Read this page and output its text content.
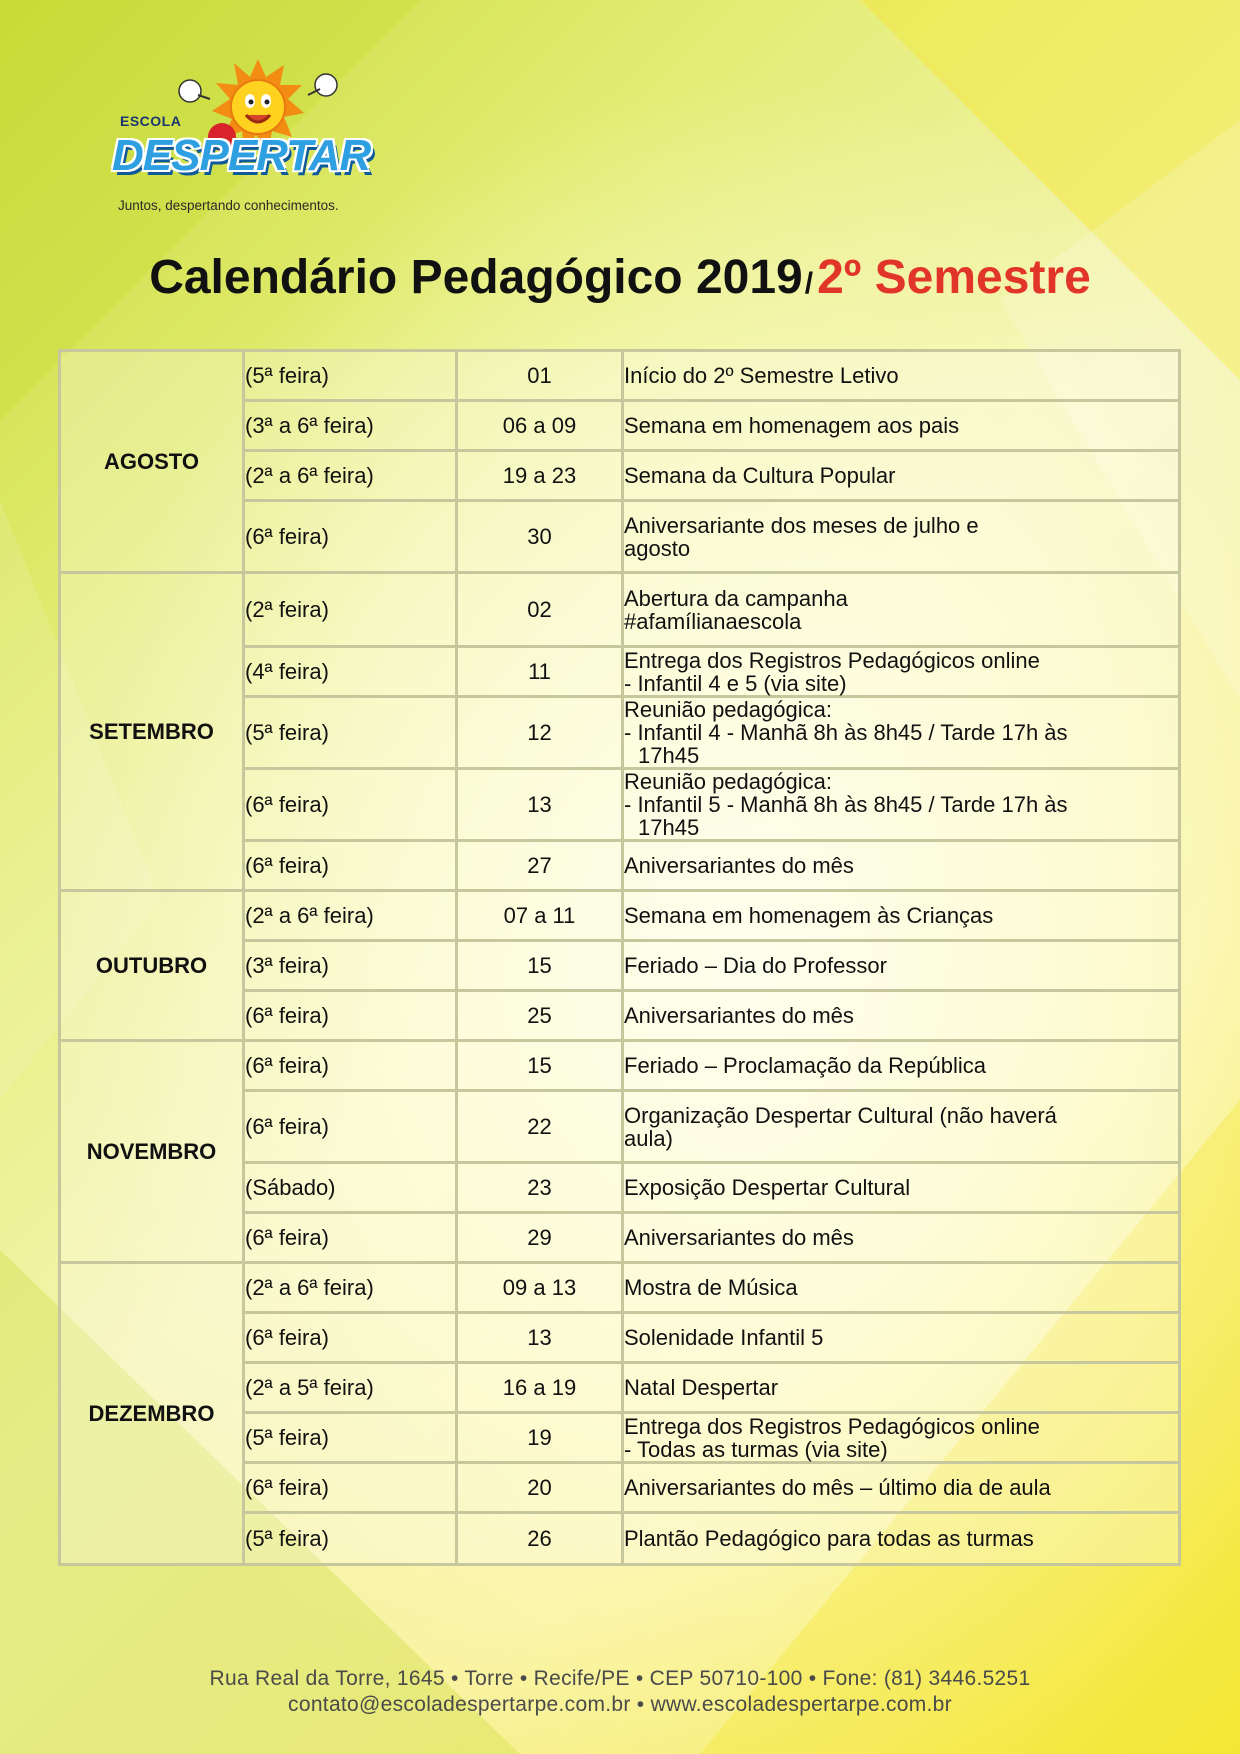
ESCOLA
DESPERTAR
Juntos, despertando conhecimentos.
Calendário Pedagógico 2019/2º Semestre
AGOSTO	(5ª feira)	01	Início do 2º Semestre Letivo

	(3ª a 6ª feira)	06 a 09	Semana em homenagem aos pais

	(2ª a 6ª feira)	19 a 23	Semana da Cultura Popular

	(6ª feira)	30	Aniversariante dos meses de julho e
agosto

SETEMBRO	(2ª feira)	02	Abertura da campanha
#afamílianaescola

	(4ª feira)	11	Entrega dos Registros Pedagógicos online
- Infantil 4 e 5 (via site)

	(5ª feira)	12	Reunião pedagógica:
- Infantil 4 - Manhã 8h às 8h45 / Tarde 17h às
17h45

	(6ª feira)	13	Reunião pedagógica:
- Infantil 5 - Manhã 8h às 8h45 / Tarde 17h às
17h45

	(6ª feira)	27	Aniversariantes do mês

OUTUBRO	(2ª a 6ª feira)	07 a 11	Semana em homenagem às Crianças

	(3ª feira)	15	Feriado – Dia do Professor

	(6ª feira)	25	Aniversariantes do mês

NOVEMBRO	(6ª feira)	15	Feriado – Proclamação da República

	(6ª feira)	22	Organização Despertar Cultural (não haverá
aula)

	(Sábado)	23	Exposição Despertar Cultural

	(6ª feira)	29	Aniversariantes do mês

DEZEMBRO	(2ª a 6ª feira)	09 a 13	Mostra de Música

	(6ª feira)	13	Solenidade Infantil 5

	(2ª a 5ª feira)	16 a 19	Natal Despertar

	(5ª feira)	19	Entrega dos Registros Pedagógicos online
- Todas as turmas (via site)

	(6ª feira)	20	Aniversariantes do mês – último dia de aula

	(5ª feira)	26	Plantão Pedagógico para todas as turmas
Rua Real da Torre, 1645 • Torre • Recife/PE • CEP 50710-100 • Fone: (81) 3446.5251
contato@escoladespertarpe.com.br • www.escoladespertarpe.com.br
